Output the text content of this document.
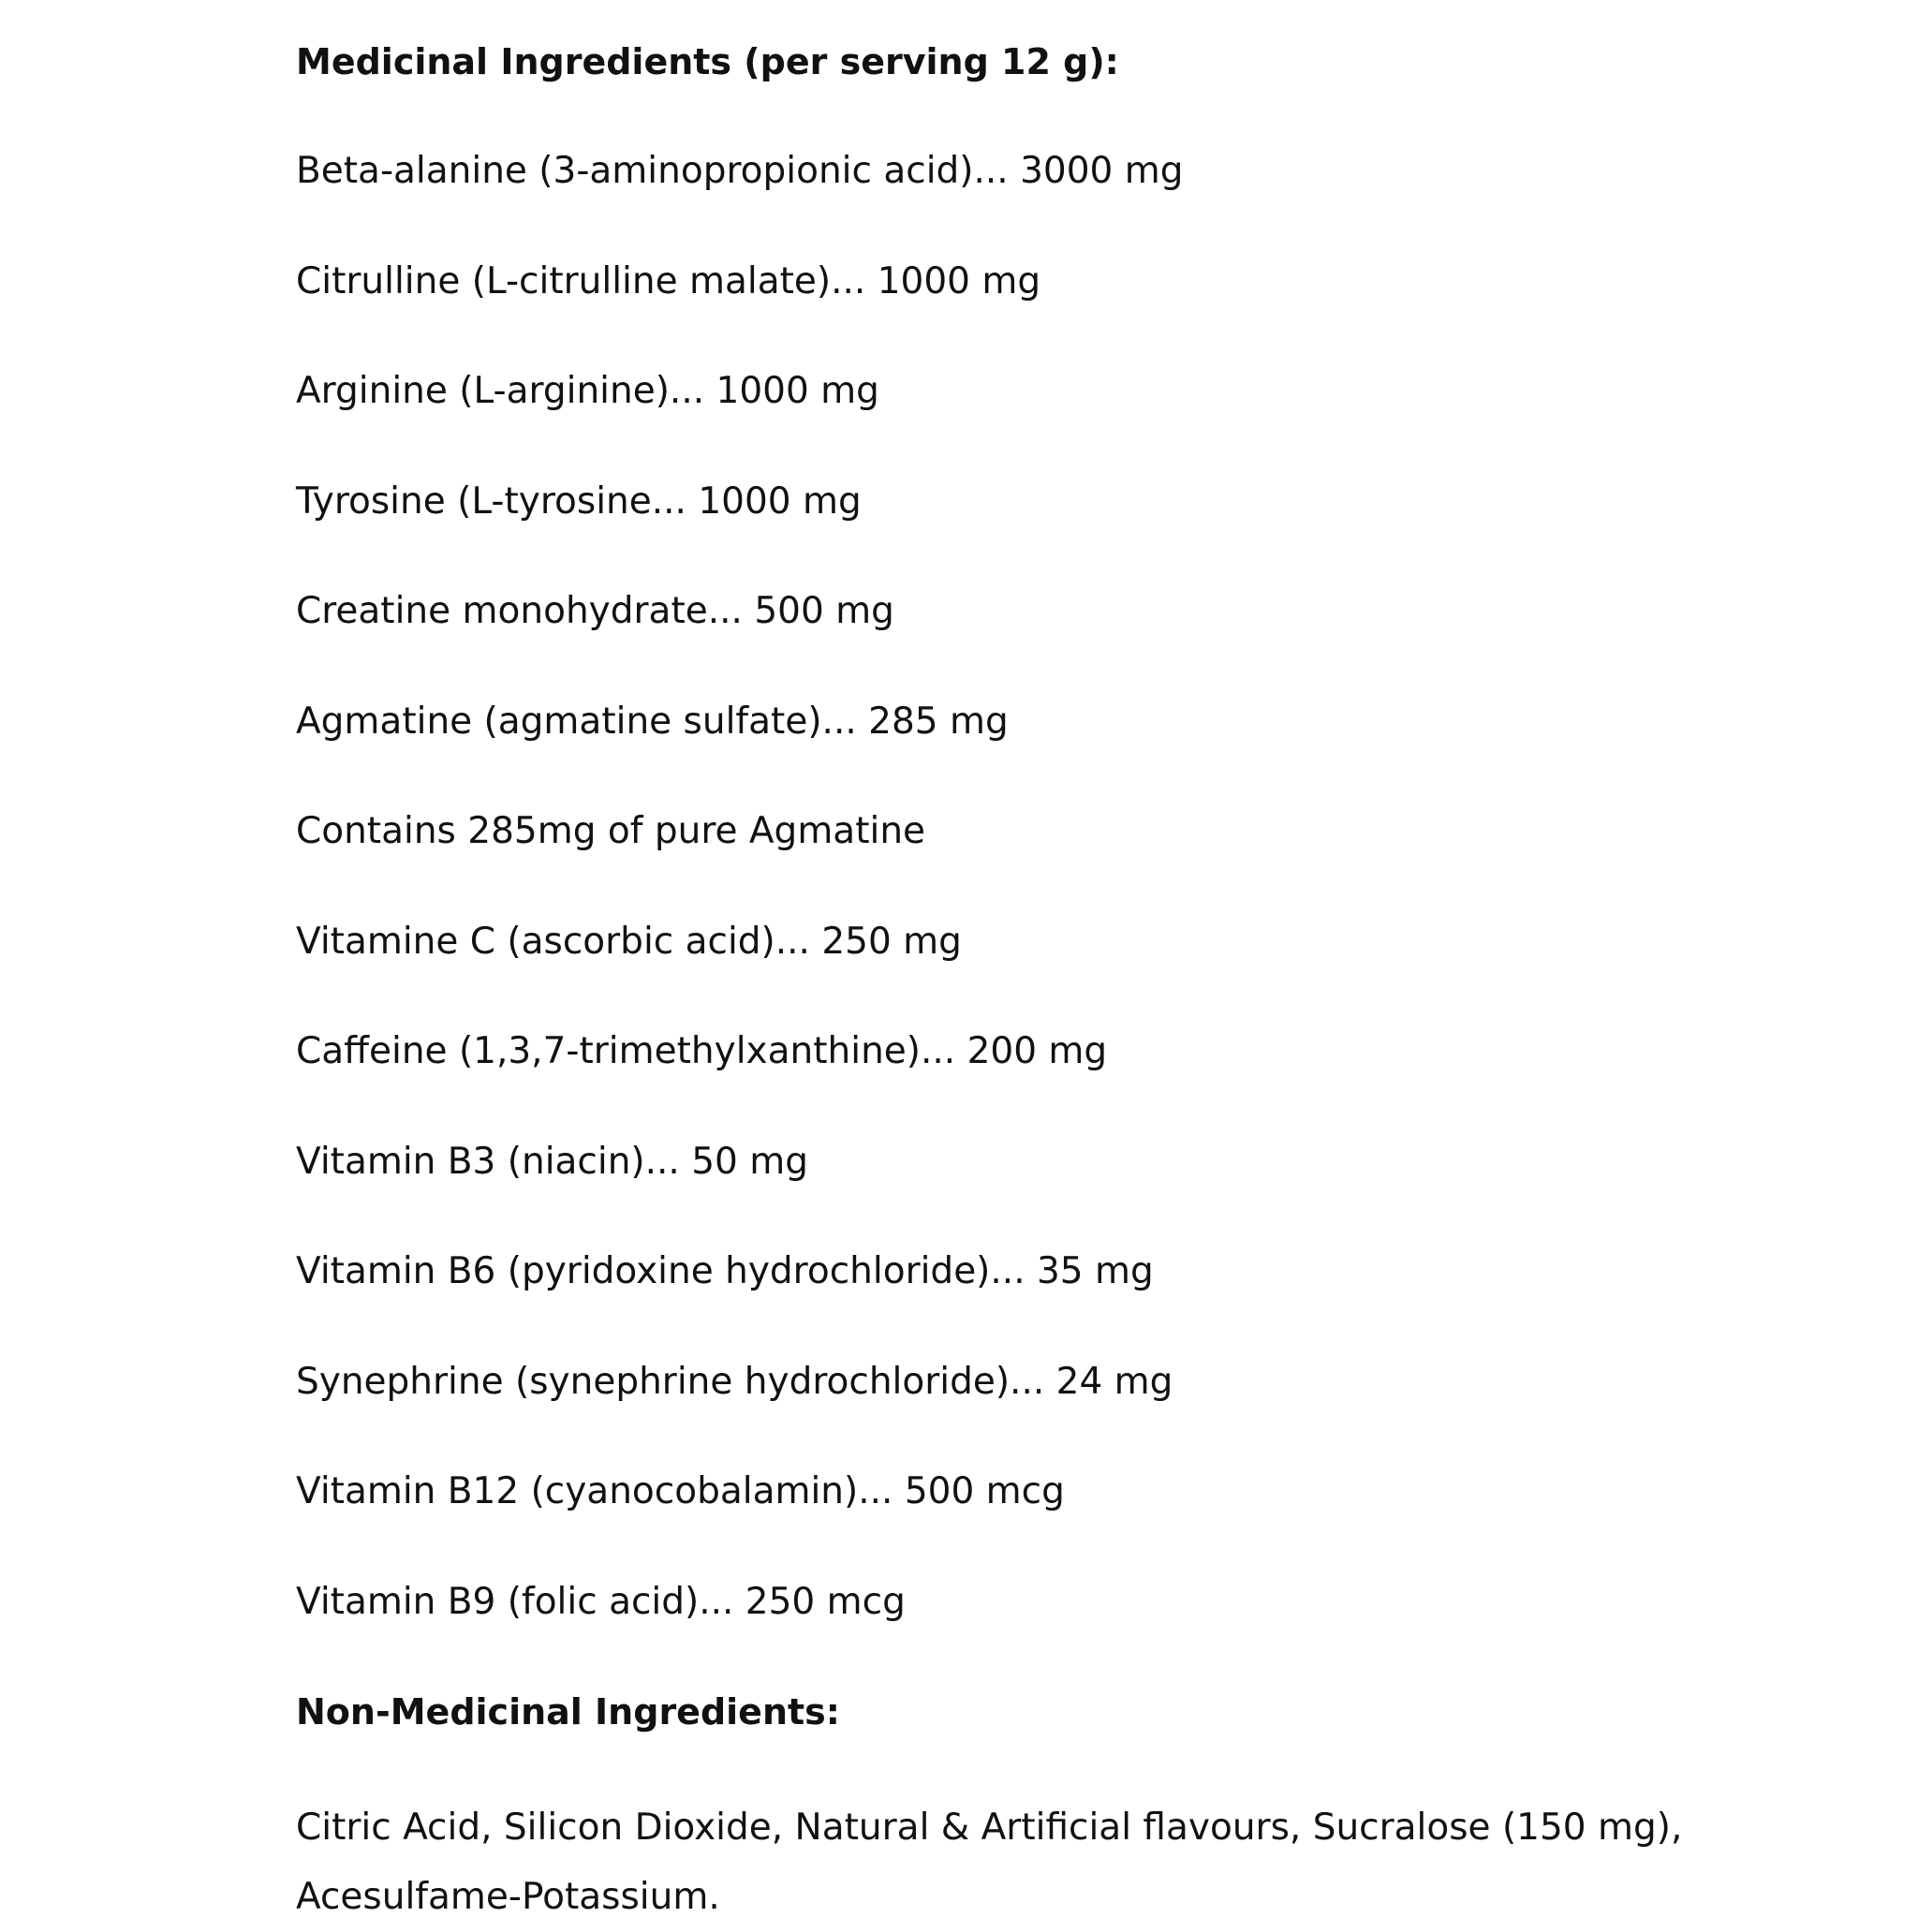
Medicinal Ingredients (per serving 12 g):
Beta-alanine (3-aminopropionic acid)... 3000 mg
Citrulline (L-citrulline malate)... 1000 mg
Arginine (L-arginine)... 1000 mg
Tyrosine (L-tyrosine... 1000 mg
Creatine monohydrate... 500 mg
Agmatine (agmatine sulfate)... 285 mg
Contains 285mg of pure Agmatine
Vitamine C (ascorbic acid)... 250 mg
Caffeine (1,3,7-trimethylxanthine)... 200 mg
Vitamin B3 (niacin)... 50 mg
Vitamin B6 (pyridoxine hydrochloride)... 35 mg
Synephrine (synephrine hydrochloride)... 24 mg
Vitamin B12 (cyanocobalamin)... 500 mcg
Vitamin B9 (folic acid)... 250 mcg
Non-Medicinal Ingredients:

Citric Acid, Silicon Dioxide, Natural & Artificial flavours, Sucralose (150 mg), Acesulfame-Potassium.
